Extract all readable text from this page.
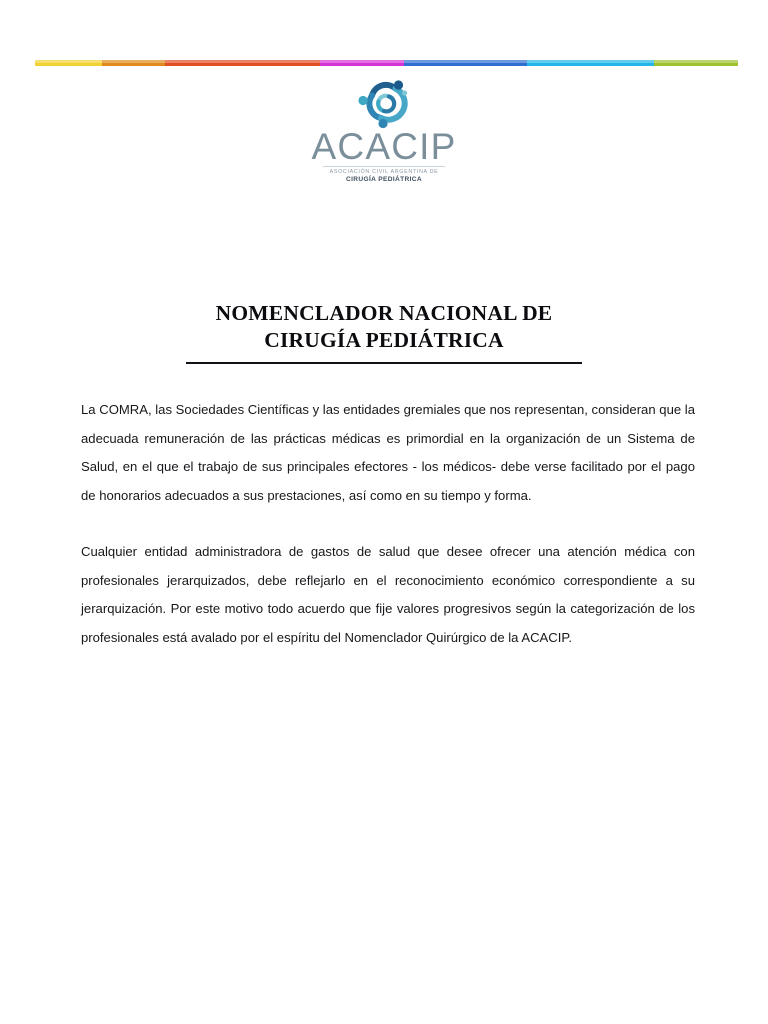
ACACIP
ASOCIACIÓN CIVIL ARGENTINA DE
CIRUGÍA PEDIÁTRICA
NOMENCLADOR NACIONAL DE
CIRUGÍA PEDIÁTRICA

La COMRA, las Sociedades Científicas y las entidades gremiales que nos representan, consideran que la adecuada remuneración de las prácticas médicas es primordial en la organización de un Sistema de Salud, en el que el trabajo de sus principales efectores - los médicos- debe verse facilitado por el pago de honorarios adecuados a sus prestaciones, así como en su tiempo y forma.

Cualquier entidad administradora de gastos de salud que desee ofrecer una atención médica con profesionales jerarquizados, debe reflejarlo en el reconocimiento económico correspondiente a su jerarquización. Por este motivo todo acuerdo que fije valores progresivos según la categorización de los profesionales está avalado por el espíritu del Nomenclador Quirúrgico de la ACACIP.
